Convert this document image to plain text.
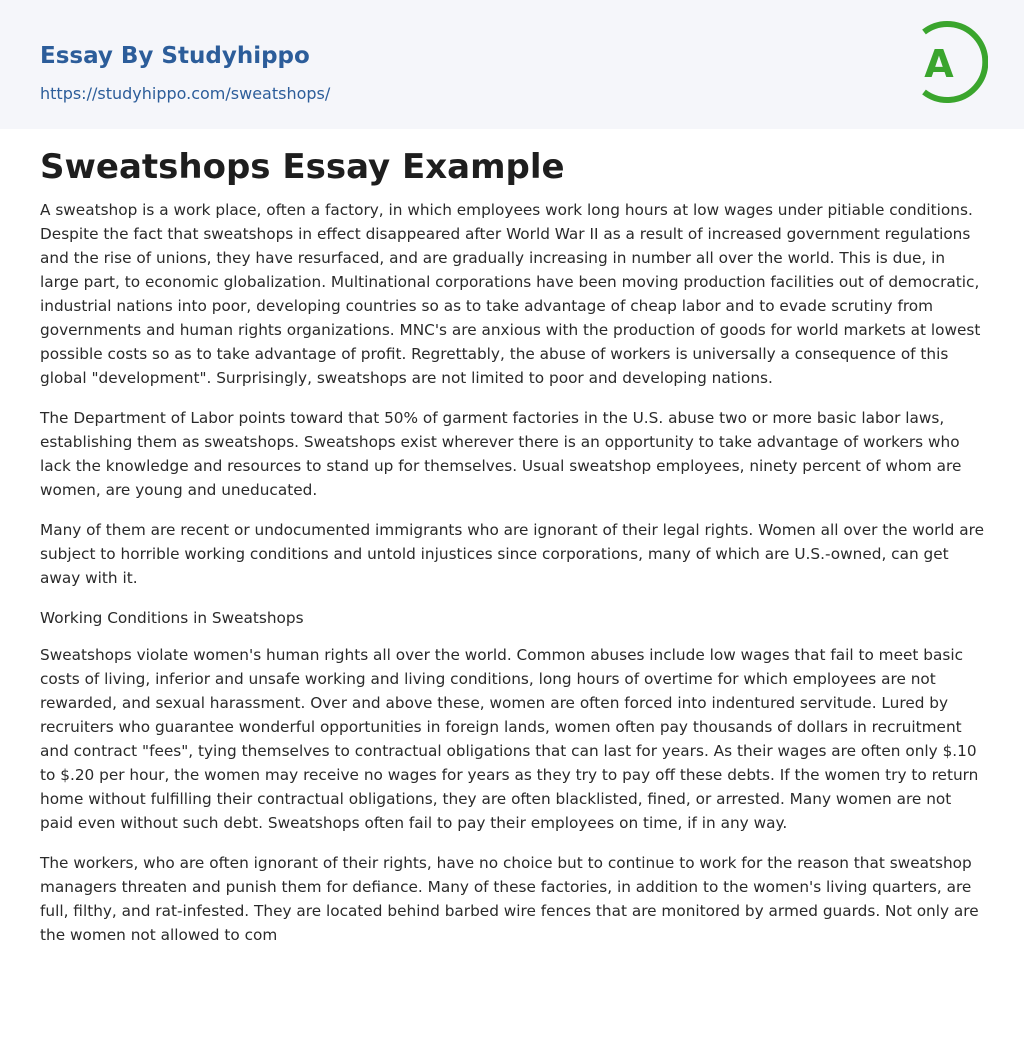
Essay By Studyhippo
https://studyhippo.com/sweatshops/
A
Sweatshops Essay Example

A sweatshop is a work place, often a factory, in which employees work long hours at low wages under pitiable conditions. Despite the fact that sweatshops in effect disappeared after World War II as a result of increased government regulations and the rise of unions, they have resurfaced, and are gradually increasing in number all over the world. This is due, in large part, to economic globalization. Multinational corporations have been moving production facilities out of democratic, industrial nations into poor, developing countries so as to take advantage of cheap labor and to evade scrutiny from governments and human rights organizations. MNC's are anxious with the production of goods for world markets at lowest possible costs so as to take advantage of profit. Regrettably, the abuse of workers is universally a consequence of this global "development". Surprisingly, sweatshops are not limited to poor and developing nations.

The Department of Labor points toward that 50% of garment factories in the U.S. abuse two or more basic labor laws, establishing them as sweatshops. Sweatshops exist wherever there is an opportunity to take advantage of workers who lack the knowledge and resources to stand up for themselves. Usual sweatshop employees, ninety percent of whom are women, are young and uneducated.

Many of them are recent or undocumented immigrants who are ignorant of their legal rights. Women all over the world are subject to horrible working conditions and untold injustices since corporations, many of which are U.S.-owned, can get away with it.

Working Conditions in Sweatshops

Sweatshops violate women's human rights all over the world. Common abuses include low wages that fail to meet basic costs of living, inferior and unsafe working and living conditions, long hours of overtime for which employees are not rewarded, and sexual harassment. Over and above these, women are often forced into indentured servitude. Lured by recruiters who guarantee wonderful opportunities in foreign lands, women often pay thousands of dollars in recruitment and contract "fees", tying themselves to contractual obligations that can last for years. As their wages are often only $.10 to $.20 per hour, the women may receive no wages for years as they try to pay off these debts. If the women try to return home without fulfilling their contractual obligations, they are often blacklisted, fined, or arrested. Many women are not paid even without such debt. Sweatshops often fail to pay their employees on time, if in any way.

The workers, who are often ignorant of their rights, have no choice but to continue to work for the reason that sweatshop managers threaten and punish them for defiance. Many of these factories, in addition to the women's living quarters, are full, filthy, and rat-infested. They are located behind barbed wire fences that are monitored by armed guards. Not only are the women not allowed to com
